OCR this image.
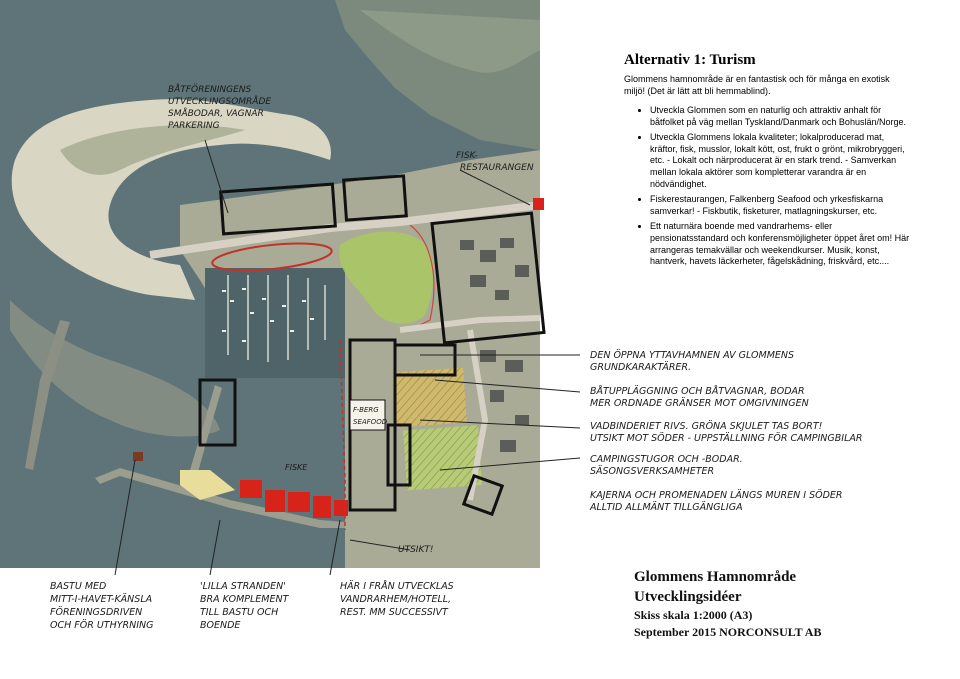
BÅTFÖRENINGENS
UTVECKLINGSOMRÅDE
SMÅBODAR, VAGNAR
PARKERING
FISK-
RESTAURANGEN
F-BERG
SEAFOOD
FISKE
UTSIKT!
Alternativ 1: Turism

Glommens hamnområde är en fantastisk och för många en exotisk miljö! (Det är lätt att bli hemmablind).

• Utveckla Glommen som en naturlig och attraktiv anhalt för båtfolket på väg mellan Tyskland/Danmark och Bohuslän/Norge.
• Utveckla Glommens lokala kvaliteter; lokalproducerad mat, kräftor, fisk, musslor, lokalt kött, ost, frukt o grönt, mikrobryggeri, etc. - Lokalt och närproducerat är en stark trend. - Samverkan mellan lokala aktörer som kompletterar varandra är en nödvändighet.
• Fiskerestaurangen, Falkenberg Seafood och yrkesfiskarna samverkar! - Fiskbutik, fisketurer, matlagningskurser, etc.
• Ett naturnära boende med vandrarhems- eller pensionatsstandard och konferensmöjligheter öppet året om! Här arrangeras temakvällar och weekendkurser. Musik, konst, hantverk, havets läckerheter, fågelskådning, friskvård, etc....
DEN ÖPPNA YTTAVHAMNEN AV GLOMMENS
GRUNDKARAKTÄRER.
BÅTUPPLÄGGNING OCH BÅTVAGNAR, BODAR
MER ORDNADE GRÄNSER MOT OMGIVNINGEN
VADBINDERIET RIVS. GRÖNA SKJULET TAS BORT!
UTSIKT MOT SÖDER - UPPSTÄLLNING FÖR CAMPINGBILAR
CAMPINGSTUGOR OCH -BODAR.
SÄSONGSVERKSAMHETER
KAJERNA OCH PROMENADEN LÄNGS MUREN I SÖDER
ALLTID ALLMÄNT TILLGÄNGLIGA
BASTU MED
MITT-I-HAVET-KÄNSLA
FÖRENINGSDRIVEN
OCH FÖR UTHYRNING
'LILLA STRANDEN'
BRA KOMPLEMENT
TILL BASTU OCH
BOENDE
HÄR I FRÅN UTVECKLAS
VANDRARHEM/HOTELL,
REST. MM SUCCESSIVT
Glommens Hamnområde
Utvecklingsidéer
Skiss skala 1:2000 (A3)
September 2015 NORCONSULT AB
